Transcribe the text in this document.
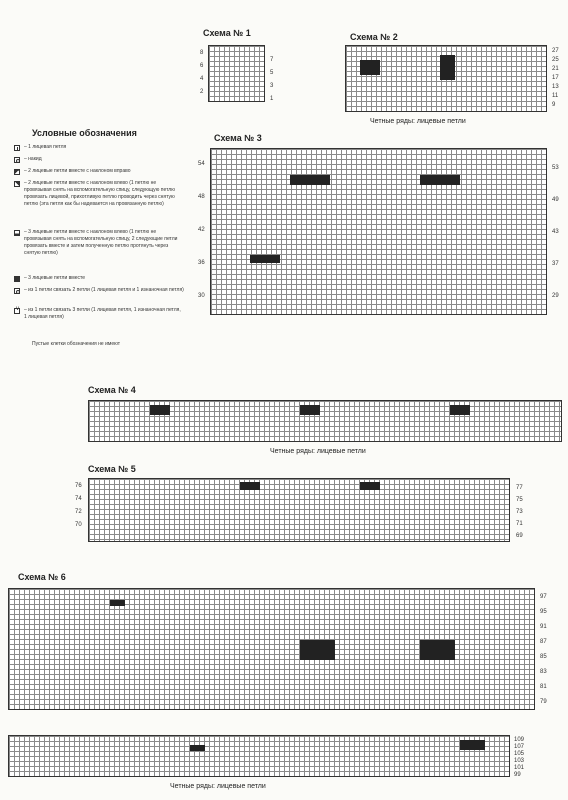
Схема № 1
8
6
4
2
7
5
3
1
Схема № 2
27
25
21
17
13
11
9
Четные ряды: лицевые петли
Условные обозначения
– 1 лицевая петля
– накид
– 2 лицевые петли вместе с наклоном вправо
– 2 лицевые петли вместе с наклоном влево (1 петлю не провязывая снять на вспомогательную спицу, следующую петлю провязать лицевой, прихотливую петлю проводить через снятую петлю (эта петля как бы надевается на провязанную петлю)
– 3 лицевые петли вместе с наклоном влево (1 петлю не провязывая снять на вспомогательную спицу, 2 следующие петли провязать вместе и затем полученную петлю протянуть через снятую петлю)
– 3 лицевые петли вместе
– из 1 петли связать 2 петли (1 лицевая петля и 1 изнаночная петля)
v
– из 1 петли связать 3 петли (1 лицевая петля, 1 изнаночная петля, 1 лицевая петля)
Пустые клетки обозначения не имеют
Схема № 3
54
48
42
36
30
53
49
43
37
29
Схема № 4
Четные ряды: лицевые петли
Схема № 5
76
74
72
70
77
75
73
71
69
Схема № 6
97
95
91
87
85
83
81
79
109
107
105
103
101
99
Четные ряды: лицевые петли
